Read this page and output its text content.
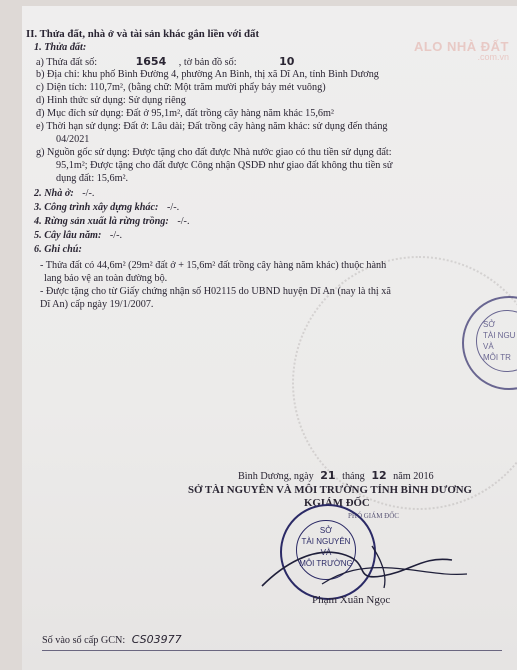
ALO NHÀ ĐẤT
.com.vn
II. Thửa đất, nhà ở và tài sản khác gắn liền với đất
1. Thửa đất:
a) Thửa đất số:	1654 , tờ bản đồ số:	10
b) Địa chỉ: khu phố Bình Đường 4, phường An Bình, thị xã Dĩ An, tỉnh Bình Dương
c) Diện tích: 110,7m², (bằng chữ: Một trăm mười phẩy bảy mét vuông)
d) Hình thức sử dụng: Sử dụng riêng
đ) Mục đích sử dụng: Đất ở 95,1m², đất trồng cây hàng năm khác 15,6m²
e) Thời hạn sử dụng: Đất ở: Lâu dài; Đất trồng cây hàng năm khác: sử dụng đến tháng
04/2021
g) Nguồn gốc sử dụng: Được tặng cho đất được Nhà nước giao có thu tiền sử dụng đất:
95,1m²; Được tặng cho đất được Công nhận QSDĐ như giao đất không thu tiền sử
dụng đất: 15,6m².
2. Nhà ở: -/-.
3. Công trình xây dựng khác: -/-.
4. Rừng sản xuất là rừng trồng: -/-.
5. Cây lâu năm: -/-.
6. Ghi chú:
- Thửa đất có 44,6m² (29m² đất ở + 15,6m² đất trồng cây hàng năm khác) thuộc hành
lang bảo vệ an toàn đường bộ.
- Được tặng cho từ Giấy chứng nhận số H02115 do UBND huyện Dĩ An (nay là thị xã
Dĩ An) cấp ngày 19/1/2007.
SỞ
TÀI NGU
VÀ
MÔI TR
Bình Dương, ngày 21 tháng 12 năm 2016
SỞ TÀI NGUYÊN VÀ MÔI TRƯỜNG TỈNH BÌNH DƯƠNG
KGIÁM ĐỐC
PHÓ GIÁM ĐỐC
SỞ
TÀI NGUYÊN
VÀ
MÔI TRƯỜNG
Phạm Xuân Ngọc
Số vào sổ cấp GCN: CS03977
